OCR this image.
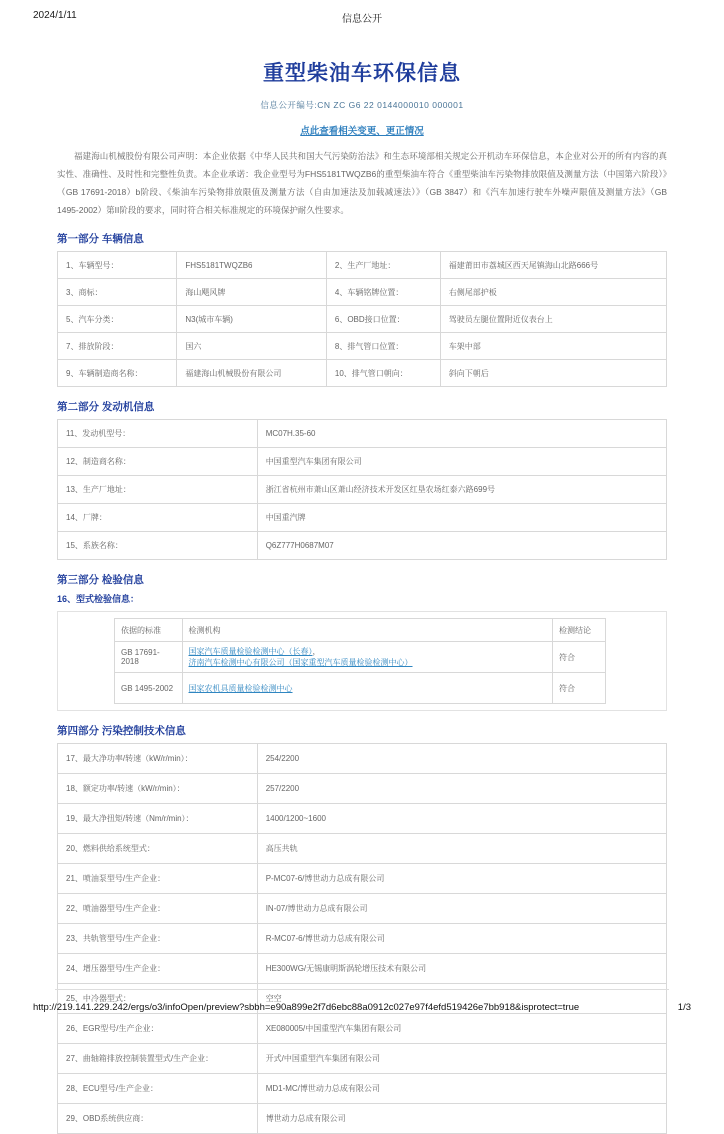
2024/1/11	信息公开
重型柴油车环保信息
信息公开编号:CN ZC G6 22 0144000010 000001
点此查看相关变更、更正情况

福建海山机械股份有限公司声明：本企业依据《中华人民共和国大气污染防治法》和生态环境部相关规定公开机动车环保信息，本企业对公开的所有内容的真实性、准确性、及时性和完整性负责。本企业承诺：我企业型号为FHS5181TWQZB6的重型柴油车符合《重型柴油车污染物排放限值及测量方法（中国第六阶段）》（GB 17691-2018）b阶段、《柴油车污染物排放限值及测量方法（自由加速法及加载减速法）》（GB 3847）和《汽车加速行驶车外噪声限值及测量方法》（GB 1495-2002）第II阶段的要求，同时符合相关标准规定的环境保护耐久性要求。

第一部分 车辆信息
1、车辆型号：	FHS5181TWQZB6	2、生产厂地址：	福建莆田市荔城区西天尾镇海山北路666号
3、商标：	海山飓风牌	4、车辆铭牌位置：	右侧尾部护板
5、汽车分类：	N3(城市车辆)	6、OBD接口位置：	驾驶员左腿位置附近仪表台上
7、排放阶段：	国六	8、排气管口位置：	车架中部
9、车辆制造商名称：	福建海山机械股份有限公司	10、排气管口朝向：	斜向下朝后
第二部分 发动机信息
11、发动机型号：	MC07H.35-60
12、制造商名称：	中国重型汽车集团有限公司
13、生产厂地址：	浙江省杭州市萧山区萧山经济技术开发区红垦农场红泰六路699号
14、厂牌：	中国重汽牌
15、系族名称：	Q6Z777H0687M07
第三部分 检验信息
16、型式检验信息：
依据的标准	检测机构	检测结论
GB 17691-2018	国家汽车质量检验检测中心（长春）， 济南汽车检测中心有限公司（国家重型汽车质量检验检测中心）	符合
GB 1495-2002	国家农机具质量检验检测中心	符合
第四部分 污染控制技术信息
17、最大净功率/转速（kW/r/min）：	254/2200
18、额定功率/转速（kW/r/min）：	257/2200
19、最大净扭矩/转速（Nm/r/min）：	1400/1200~1600
20、燃料供给系统型式：	高压共轨
21、喷油泵型号/生产企业：	P-MC07-6/博世动力总成有限公司
22、喷油器型号/生产企业：	IN-07/博世动力总成有限公司
23、共轨管型号/生产企业：	R-MC07-6/博世动力总成有限公司
24、增压器型号/生产企业：	HE300WG/无锡康明斯涡轮增压技术有限公司
25、中冷器型式：	空空
26、EGR型号/生产企业：	XE080005/中国重型汽车集团有限公司
27、曲轴箱排放控制装置型式/生产企业：	开式/中国重型汽车集团有限公司
28、ECU型号/生产企业：	MD1-MC/博世动力总成有限公司
29、OBD系统供应商：	博世动力总成有限公司
http://219.141.229.242/ergs/o3/infoOpen/preview?sbbh=e90a899e2f7d6ebc88a0912c027e97f4efd519426e7bb918&isprotect=true	1/3
